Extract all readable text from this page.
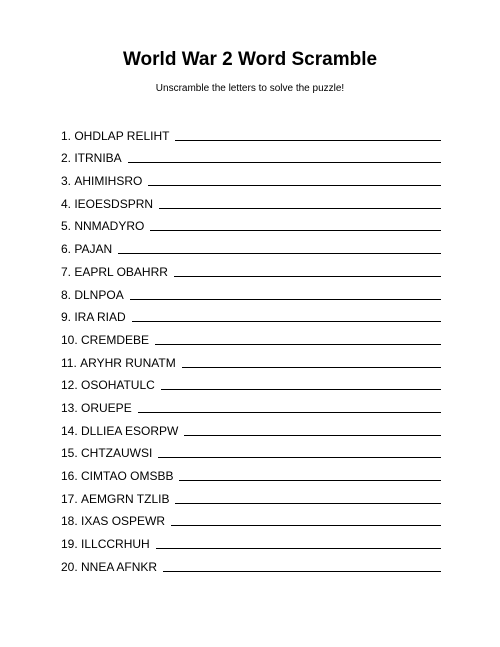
World War 2 Word Scramble
Unscramble the letters to solve the puzzle!
1. OHDLAP RELIHT
2. ITRNIBA
3. AHIMIHSRO
4. IEOESDSPRN
5. NNMADYRO
6. PAJAN
7. EAPRL OBAHRR
8. DLNPOA
9. IRA RIAD
10. CREMDEBE
11. ARYHR RUNATM
12. OSOHATULC
13. ORUEPE
14. DLLIEA ESORPW
15. CHTZAUWSI
16. CIMTAO OMSBB
17. AEMGRN TZLIB
18. IXAS OSPEWR
19. ILLCCRHUH
20. NNEA AFNKR
